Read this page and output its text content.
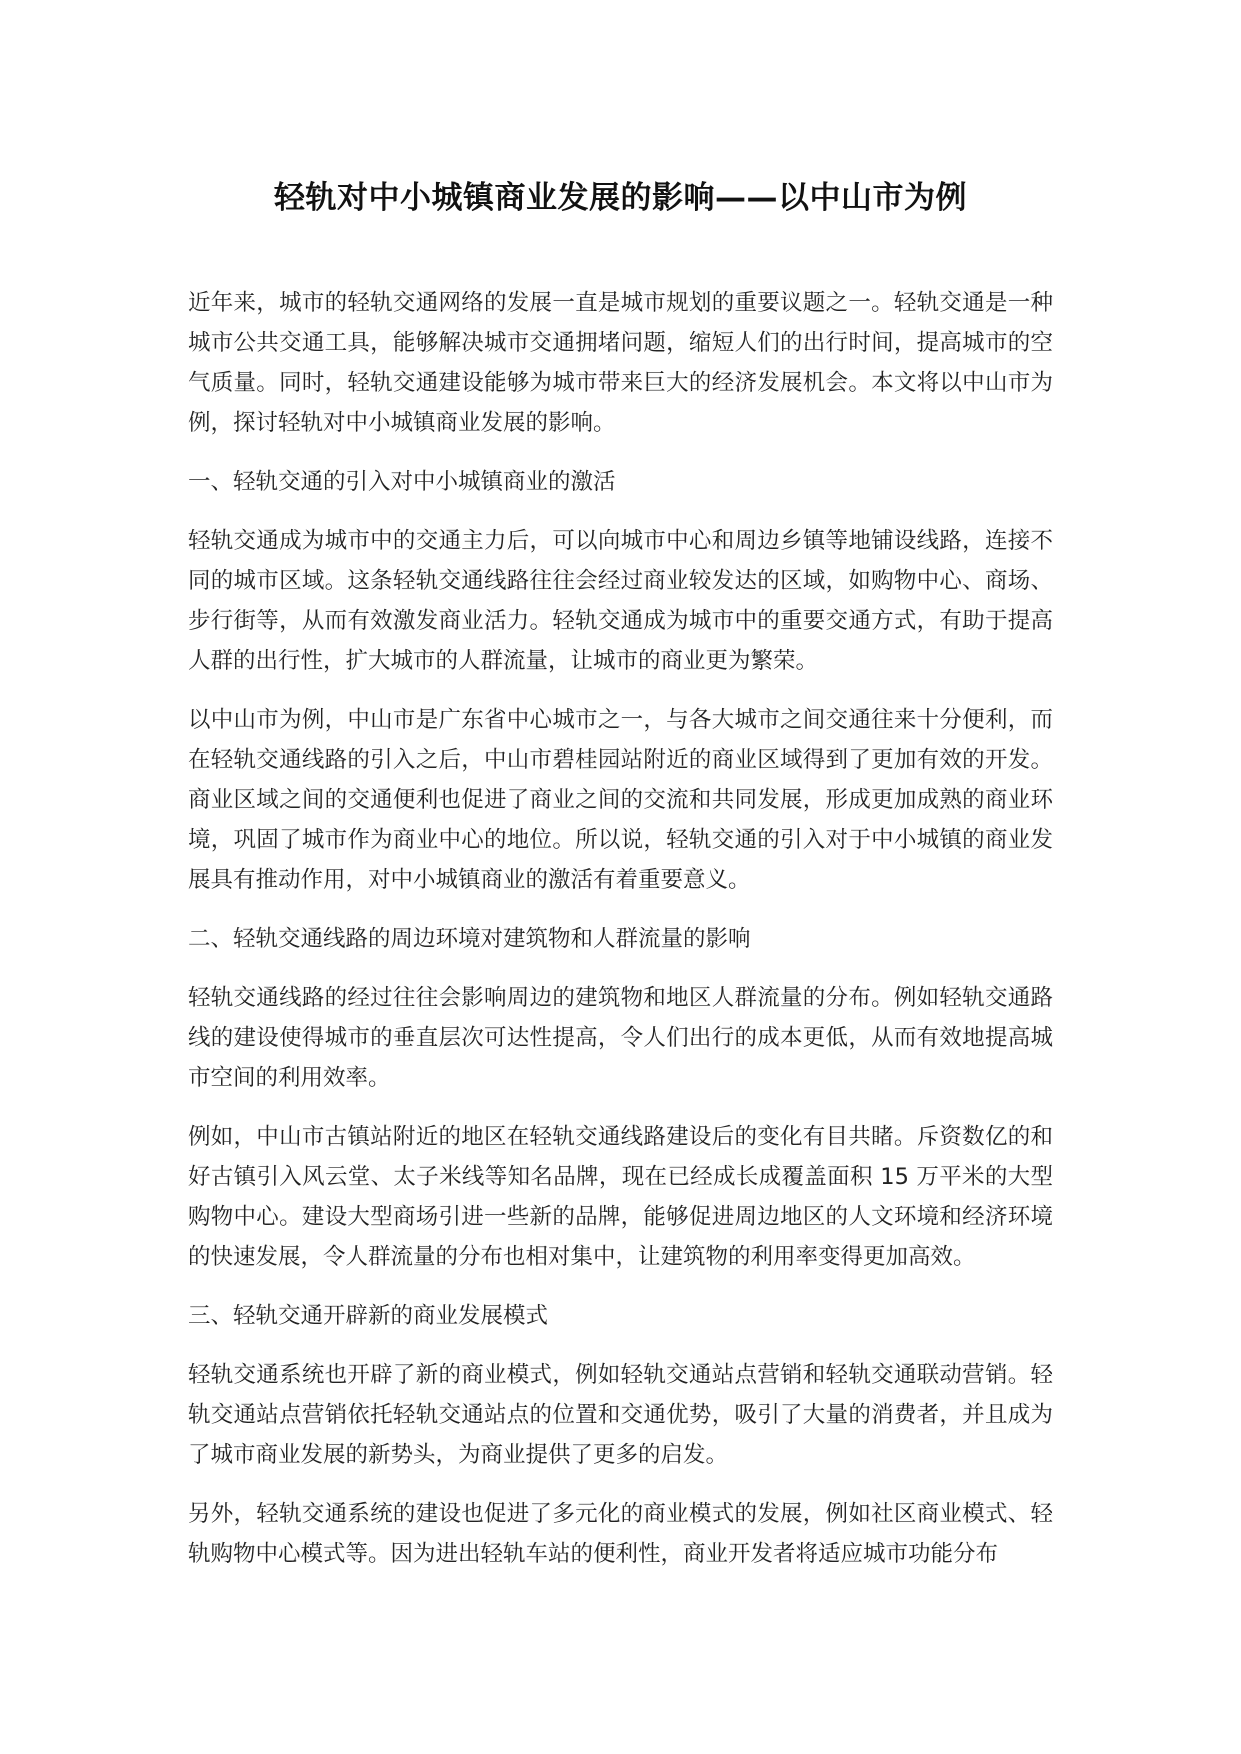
轻轨对中小城镇商业发展的影响——以中山市为例

近年来，城市的轻轨交通网络的发展一直是城市规划的重要议题之一。轻轨交通是一种城市公共交通工具，能够解决城市交通拥堵问题，缩短人们的出行时间，提高城市的空气质量。同时，轻轨交通建设能够为城市带来巨大的经济发展机会。本文将以中山市为例，探讨轻轨对中小城镇商业发展的影响。

一、轻轨交通的引入对中小城镇商业的激活

轻轨交通成为城市中的交通主力后，可以向城市中心和周边乡镇等地铺设线路，连接不同的城市区域。这条轻轨交通线路往往会经过商业较发达的区域，如购物中心、商场、步行街等，从而有效激发商业活力。轻轨交通成为城市中的重要交通方式，有助于提高人群的出行性，扩大城市的人群流量，让城市的商业更为繁荣。

以中山市为例，中山市是广东省中心城市之一，与各大城市之间交通往来十分便利，而在轻轨交通线路的引入之后，中山市碧桂园站附近的商业区域得到了更加有效的开发。商业区域之间的交通便利也促进了商业之间的交流和共同发展，形成更加成熟的商业环境，巩固了城市作为商业中心的地位。所以说，轻轨交通的引入对于中小城镇的商业发展具有推动作用，对中小城镇商业的激活有着重要意义。

二、轻轨交通线路的周边环境对建筑物和人群流量的影响

轻轨交通线路的经过往往会影响周边的建筑物和地区人群流量的分布。例如轻轨交通路线的建设使得城市的垂直层次可达性提高，令人们出行的成本更低，从而有效地提高城市空间的利用效率。

例如，中山市古镇站附近的地区在轻轨交通线路建设后的变化有目共睹。斥资数亿的和好古镇引入风云堂、太子米线等知名品牌，现在已经成长成覆盖面积 15 万平米的大型购物中心。建设大型商场引进一些新的品牌，能够促进周边地区的人文环境和经济环境的快速发展，令人群流量的分布也相对集中，让建筑物的利用率变得更加高效。

三、轻轨交通开辟新的商业发展模式

轻轨交通系统也开辟了新的商业模式，例如轻轨交通站点营销和轻轨交通联动营销。轻轨交通站点营销依托轻轨交通站点的位置和交通优势，吸引了大量的消费者，并且成为了城市商业发展的新势头，为商业提供了更多的启发。

另外，轻轨交通系统的建设也促进了多元化的商业模式的发展，例如社区商业模式、轻轨购物中心模式等。因为进出轻轨车站的便利性，商业开发者将适应城市功能分布
